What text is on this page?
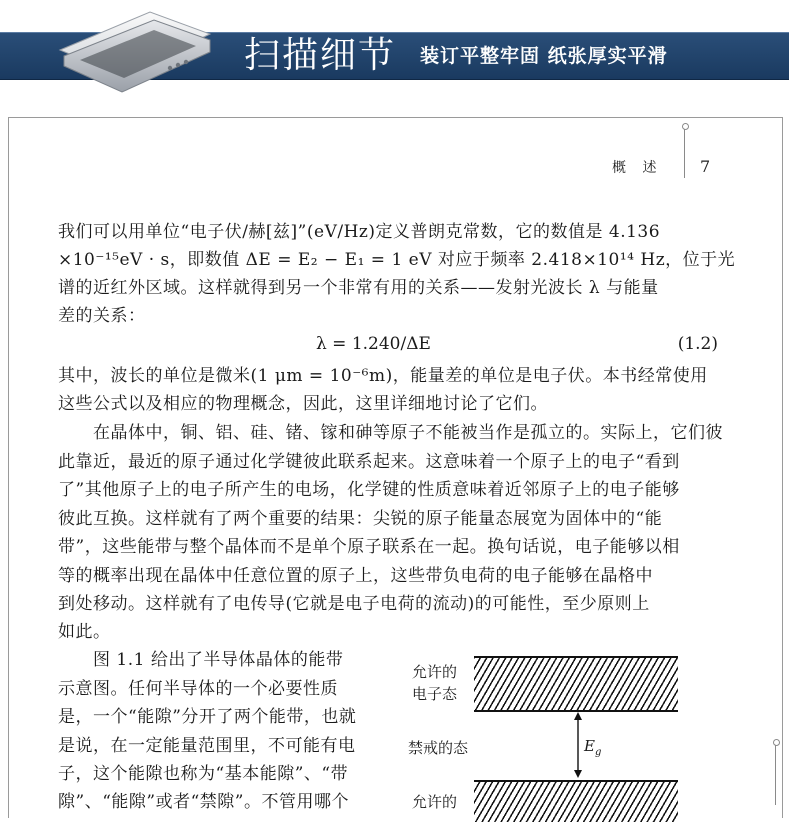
扫描细节 装订平整牢固 纸张厚实平滑
概 述 7
我们可以用单位“电子伏/赫[兹]”(eV/Hz)定义普朗克常数，它的数值是 4.136
×10⁻¹⁵eV · s，即数值 ΔE = E₂ − E₁ = 1 eV 对应于频率 2.418×10¹⁴ Hz，位于光
谱的近红外区域。这样就得到另一个非常有用的关系——发射光波长 λ 与能量
差的关系：
λ = 1.240/ΔE	(1.2)
其中，波长的单位是微米(1 μm = 10⁻⁶m)，能量差的单位是电子伏。本书经常使用
这些公式以及相应的物理概念，因此，这里详细地讨论了它们。
　　在晶体中，铜、铝、硅、锗、镓和砷等原子不能被当作是孤立的。实际上，它们彼
此靠近，最近的原子通过化学键彼此联系起来。这意味着一个原子上的电子“看到
了”其他原子上的电子所产生的电场，化学键的性质意味着近邻原子上的电子能够
彼此互换。这样就有了两个重要的结果：尖锐的原子能量态展宽为固体中的“能
带”，这些能带与整个晶体而不是单个原子联系在一起。换句话说，电子能够以相
等的概率出现在晶体中任意位置的原子上，这些带负电荷的电子能够在晶格中
到处移动。这样就有了电传导(它就是电子电荷的流动)的可能性，至少原则上
如此。
　　图 1.1 给出了半导体晶体的能带
示意图。任何半导体的一个必要性质
是，一个“能隙”分开了两个能带，也就
是说，在一定能量范围里，不可能有电
子，这个能隙也称为“基本能隙”、“带
隙”、“能隙”或者“禁隙”。不管用哪个
允许的
电子态
禁戒的态	$E_g$
允许的
